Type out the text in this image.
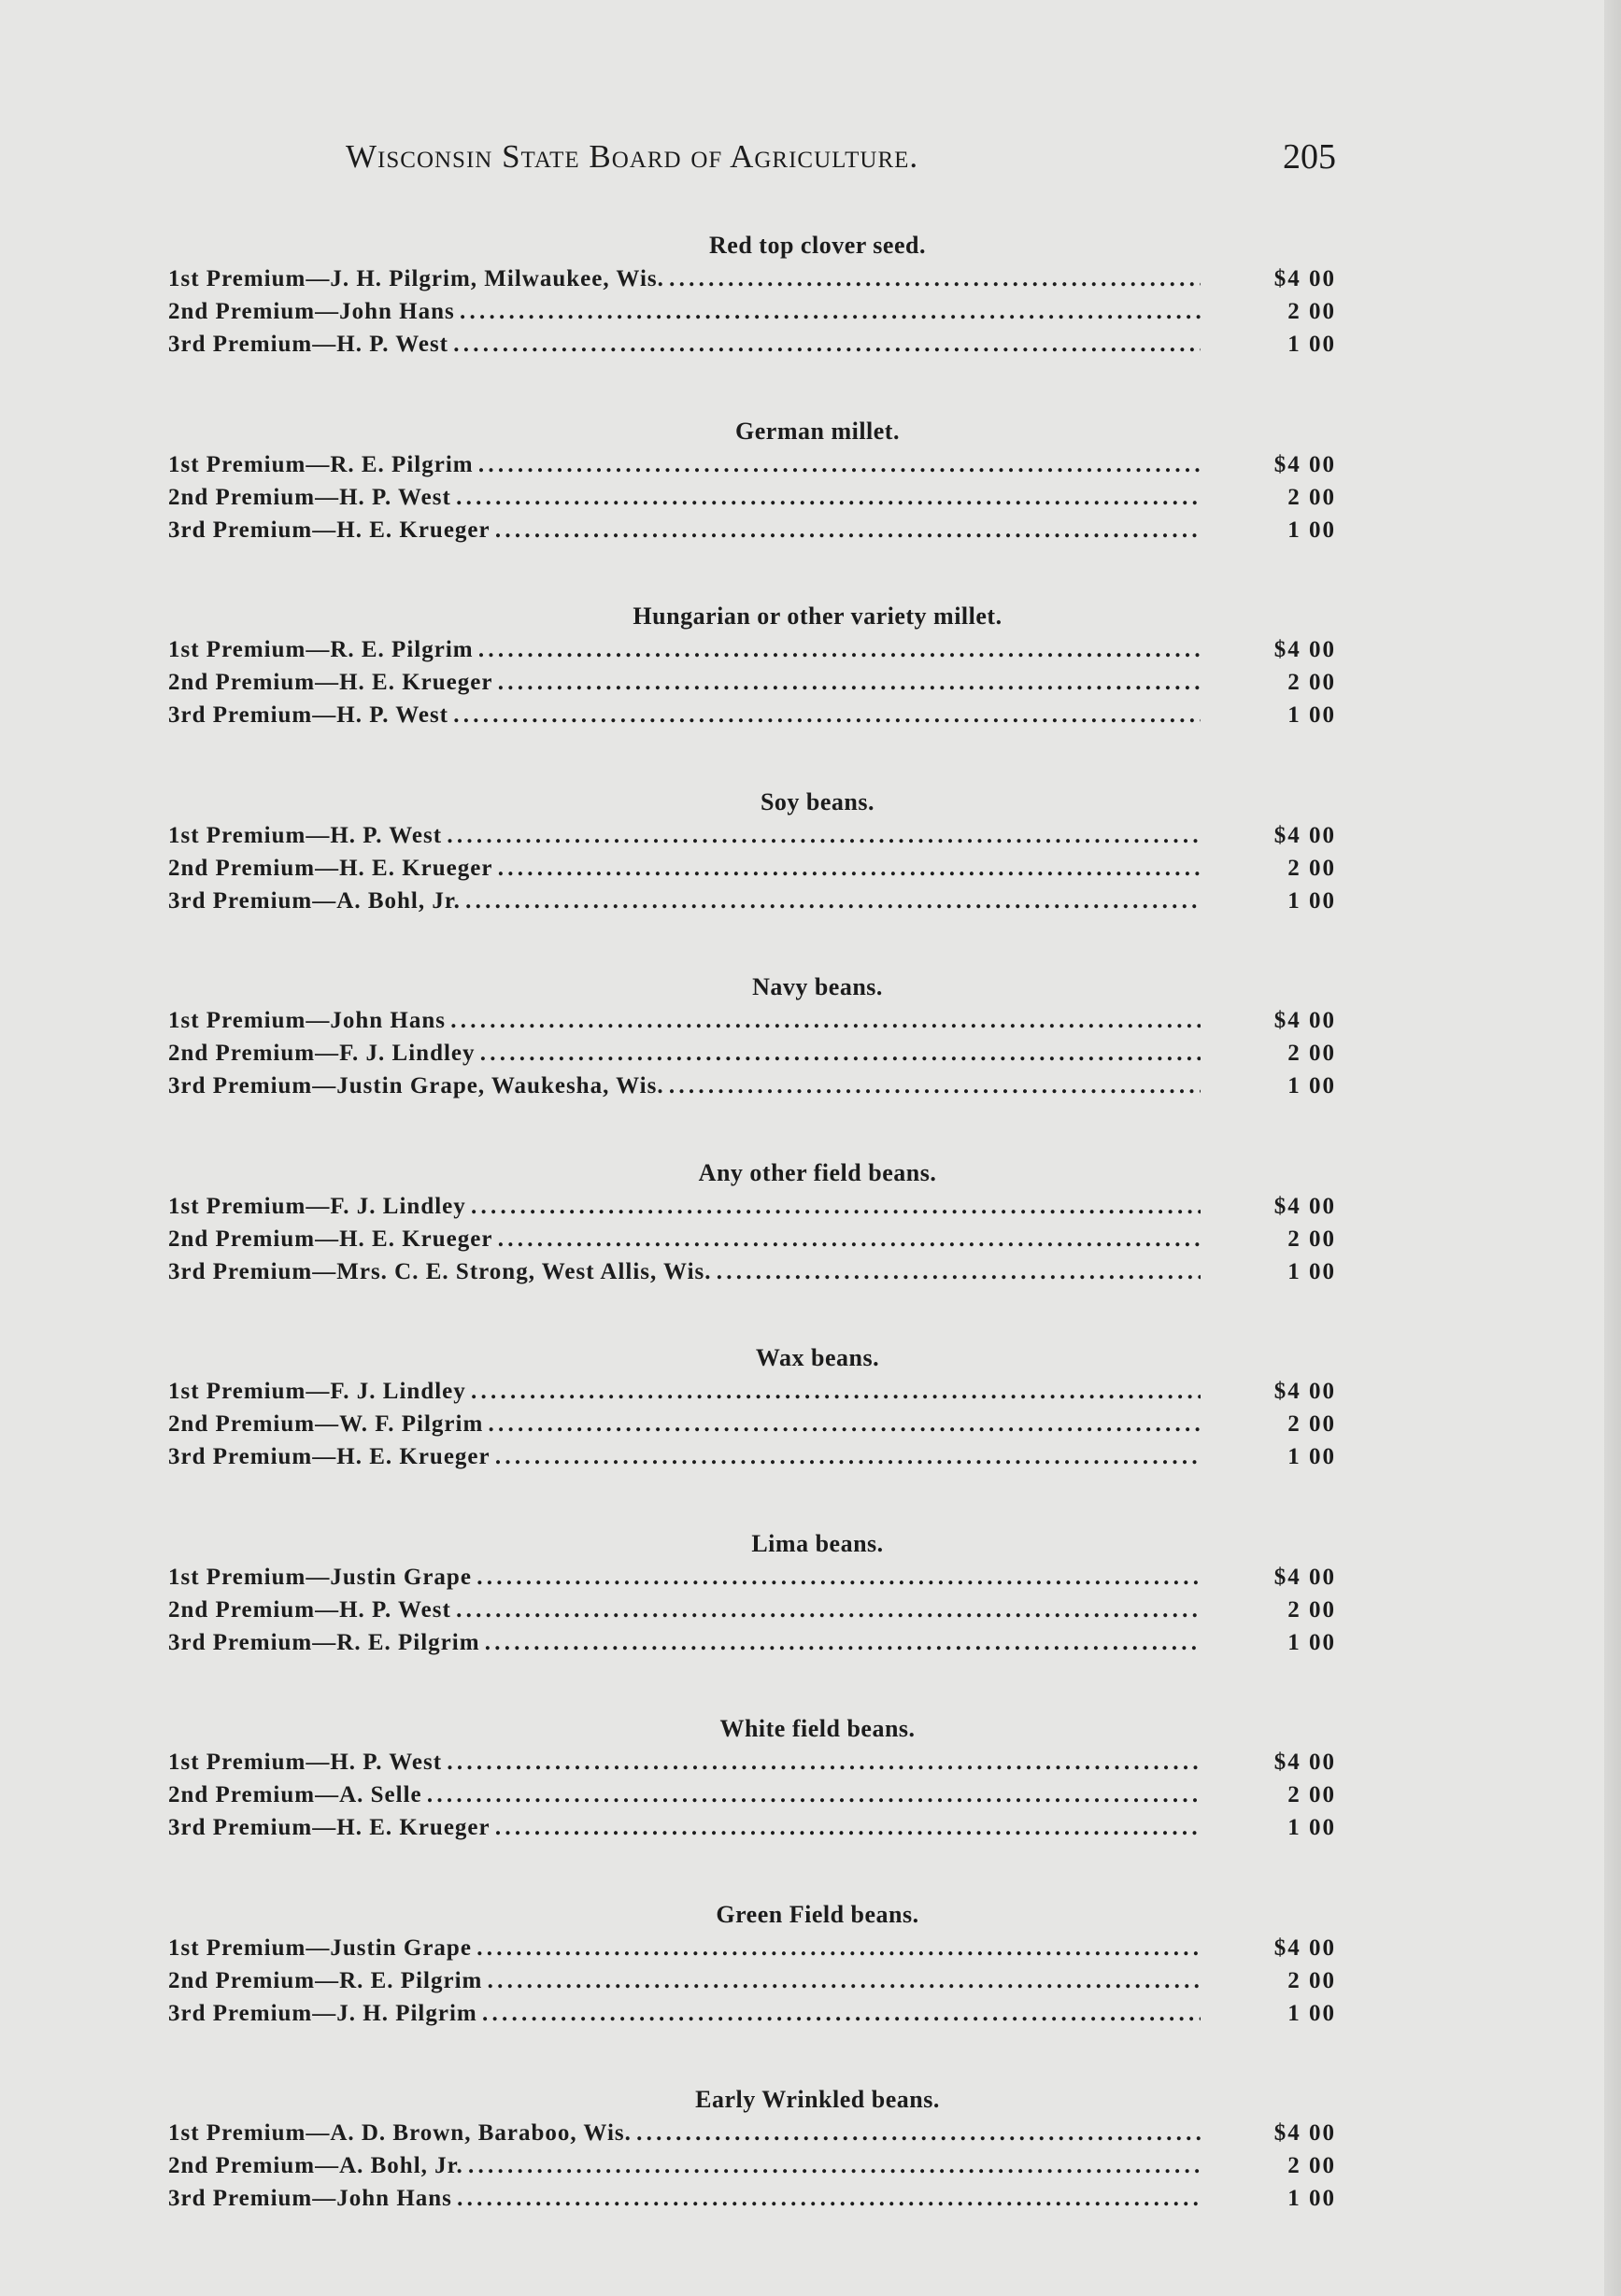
Wisconsin State Board of Agriculture.	205
Red top clover seed.
1st Premium—J. H. Pilgrim, Milwaukee, Wis. . . .	$4 00
2nd Premium—John Hans . . .	2 00
3rd Premium—H. P. West . . .	1 00
German millet.
1st Premium—R. E. Pilgrim . . .	$4 00
2nd Premium—H. P. West . . .	2 00
3rd Premium—H. E. Krueger . . .	1 00
Hungarian or other variety millet.
1st Premium—R. E. Pilgrim . . .	$4 00
2nd Premium—H. E. Krueger . . .	2 00
3rd Premium—H. P. West . . .	1 00
Soy beans.
1st Premium—H. P. West . . .	$4 00
2nd Premium—H. E. Krueger . . .	2 00
3rd Premium—A. Bohl, Jr. . . .	1 00
Navy beans.
1st Premium—John Hans . . .	$4 00
2nd Premium—F. J. Lindley . . .	2 00
3rd Premium—Justin Grape, Waukesha, Wis. . . .	1 00
Any other field beans.
1st Premium—F. J. Lindley . . .	$4 00
2nd Premium—H. E. Krueger . . .	2 00
3rd Premium—Mrs. C. E. Strong, West Allis, Wis. . . .	1 00
Wax beans.
1st Premium—F. J. Lindley . . .	$4 00
2nd Premium—W. F. Pilgrim . . .	2 00
3rd Premium—H. E. Krueger . . .	1 00
Lima beans.
1st Premium—Justin Grape . . .	$4 00
2nd Premium—H. P. West . . .	2 00
3rd Premium—R. E. Pilgrim . . .	1 00
White field beans.
1st Premium—H. P. West . . .	$4 00
2nd Premium—A. Selle . . .	2 00
3rd Premium—H. E. Krueger . . .	1 00
Green Field beans.
1st Premium—Justin Grape . . .	$4 00
2nd Premium—R. E. Pilgrim . . .	2 00
3rd Premium—J. H. Pilgrim . . .	1 00
Early Wrinkled beans.
1st Premium—A. D. Brown, Baraboo, Wis. . . .	$4 00
2nd Premium—A. Bohl, Jr. . . .	2 00
3rd Premium—John Hans . . .	1 00
